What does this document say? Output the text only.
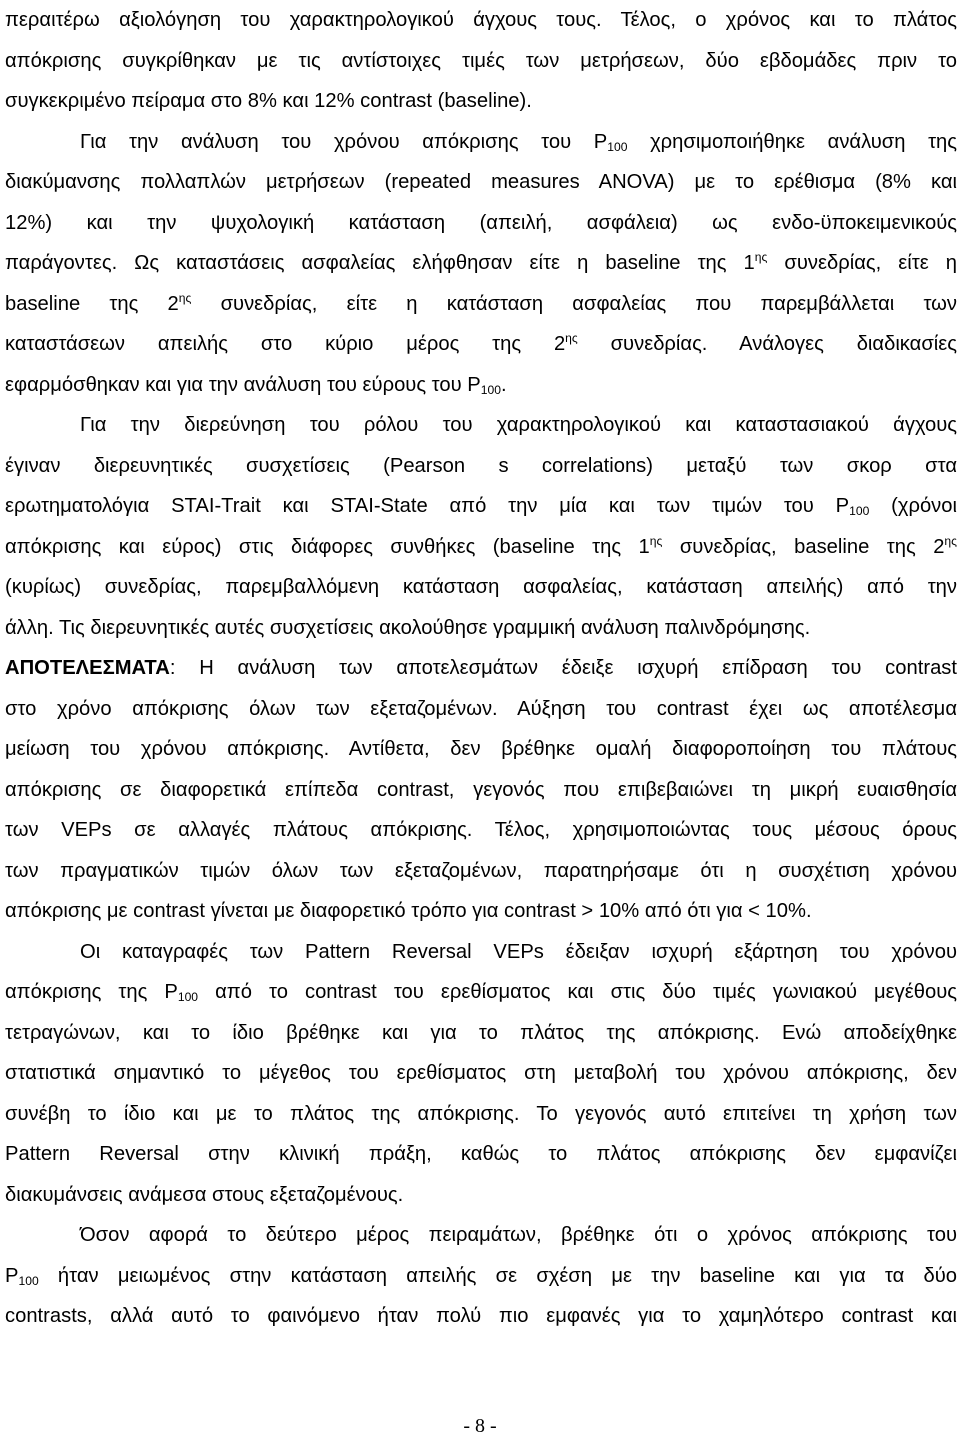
περαιτέρω αξιολόγηση του χαρακτηρολογικού άγχους τους. Τέλος, ο χρόνος και το πλάτος
απόκρισης συγκρίθηκαν με τις αντίστοιχες τιμές των μετρήσεων, δύο εβδομάδες πριν το
συγκεκριμένο πείραμα στο 8% και 12% contrast (baseline).
Για την ανάλυση του χρόνου απόκρισης του $P_{100}$ χρησιμοποιήθηκε ανάλυση της
διακύμανσης πολλαπλών μετρήσεων (repeated measures ANOVA) με το ερέθισμα (8% και
12%) και την ψυχολογική κατάσταση (απειλή, ασφάλεια) ως ενδο-ϋποκειμενικούς
παράγοντες. Ως καταστάσεις ασφαλείας ελήφθησαν είτε η baseline της $1^{\eta\varsigma}$ συνεδρίας, είτε η
baseline της $2^{\eta\varsigma}$ συνεδρίας, είτε η κατάσταση ασφαλείας που παρεμβάλλεται των
καταστάσεων απειλής στο κύριο μέρος της $2^{\eta\varsigma}$ συνεδρίας. Ανάλογες διαδικασίες
εφαρμόσθηκαν και για την ανάλυση του εύρους του $P_{100}$.
Για την διερεύνηση του ρόλου του χαρακτηρολογικού και καταστασιακού άγχους
έγιναν διερευνητικές συσχετίσεις (Pearson s correlations) μεταξύ των σκορ στα
ερωτηματολόγια STAI-Trait και STAI-State από την μία και των τιμών του $P_{100}$ (χρόνοι
απόκρισης και εύρος) στις διάφορες συνθήκες (baseline της $1^{\eta\varsigma}$ συνεδρίας, baseline της $2^{\eta\varsigma}$
(κυρίως) συνεδρίας, παρεμβαλλόμενη κατάσταση ασφαλείας, κατάσταση απειλής) από την
άλλη. Τις διερευνητικές αυτές συσχετίσεις ακολούθησε γραμμική ανάλυση παλινδρόμησης.
ΑΠΟΤΕΛΕΣΜΑΤΑ: Η ανάλυση των αποτελεσμάτων έδειξε ισχυρή επίδραση του contrast
στο χρόνο απόκρισης όλων των εξεταζομένων. Αύξηση του contrast έχει ως αποτέλεσμα
μείωση του χρόνου απόκρισης. Αντίθετα, δεν βρέθηκε ομαλή διαφοροποίηση του πλάτους
απόκρισης σε διαφορετικά επίπεδα contrast, γεγονός που επιβεβαιώνει τη μικρή ευαισθησία
των VEPs σε αλλαγές πλάτους απόκρισης. Τέλος, χρησιμοποιώντας τους μέσους όρους
των πραγματικών τιμών όλων των εξεταζομένων, παρατηρήσαμε ότι η συσχέτιση χρόνου
απόκρισης με contrast γίνεται με διαφορετικό τρόπο για contrast > 10% από ότι για < 10%.
Οι καταγραφές των Pattern Reversal VEPs έδειξαν ισχυρή εξάρτηση του χρόνου
απόκρισης της $P_{100}$ από το contrast του ερεθίσματος και στις δύο τιμές γωνιακού μεγέθους
τετραγώνων, και το ίδιο βρέθηκε και για το πλάτος της απόκρισης. Ενώ αποδείχθηκε
στατιστικά σημαντικό το μέγεθος του ερεθίσματος στη μεταβολή του χρόνου απόκρισης, δεν
συνέβη το ίδιο και με το πλάτος της απόκρισης. Το γεγονός αυτό επιτείνει τη χρήση των
Pattern Reversal στην κλινική πράξη, καθώς το πλάτος απόκρισης δεν εμφανίζει
διακυμάνσεις ανάμεσα στους εξεταζομένους.
Όσον αφορά το δεύτερο μέρος πειραμάτων, βρέθηκε ότι ο χρόνος απόκρισης του
$P_{100}$ ήταν μειωμένος στην κατάσταση απειλής σε σχέση με την baseline και για τα δύο
contrasts, αλλά αυτό το φαινόμενο ήταν πολύ πιο εμφανές για το χαμηλότερο contrast και
- 8 -
